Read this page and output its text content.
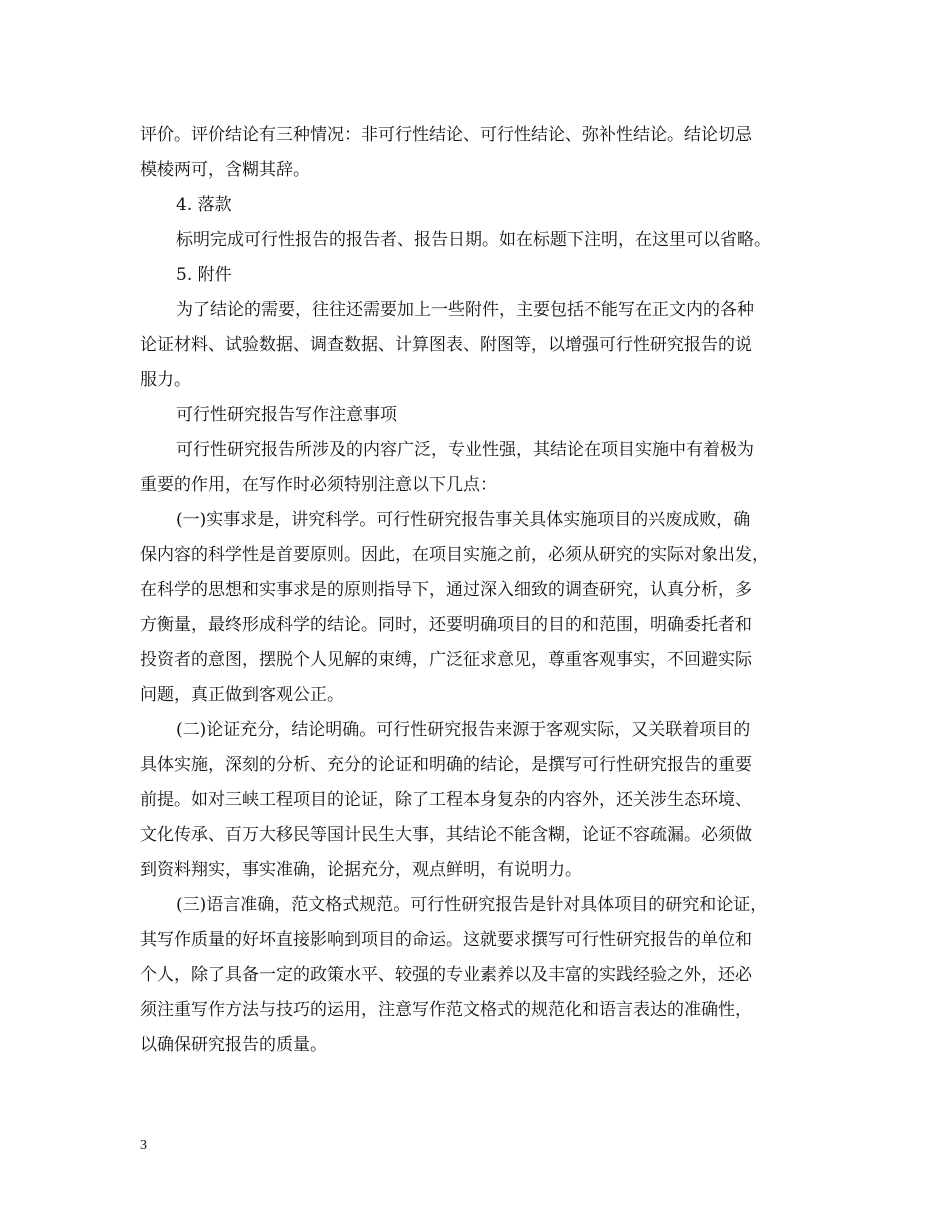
评价。评价结论有三种情况：非可行性结论、可行性结论、弥补性结论。结论切忌
模棱两可，含糊其辞。
4. 落款
标明完成可行性报告的报告者、报告日期。如在标题下注明，在这里可以省略。
5. 附件
为了结论的需要，往往还需要加上一些附件，主要包括不能写在正文内的各种
论证材料、试验数据、调查数据、计算图表、附图等，以增强可行性研究报告的说
服力。
可行性研究报告写作注意事项
可行性研究报告所涉及的内容广泛，专业性强，其结论在项目实施中有着极为
重要的作用，在写作时必须特别注意以下几点：
(一)实事求是，讲究科学。可行性研究报告事关具体实施项目的兴废成败，确
保内容的科学性是首要原则。因此，在项目实施之前，必须从研究的实际对象出发，
在科学的思想和实事求是的原则指导下，通过深入细致的调查研究，认真分析，多
方衡量，最终形成科学的结论。同时，还要明确项目的目的和范围，明确委托者和
投资者的意图，摆脱个人见解的束缚，广泛征求意见，尊重客观事实，不回避实际
问题，真正做到客观公正。
(二)论证充分，结论明确。可行性研究报告来源于客观实际，又关联着项目的
具体实施，深刻的分析、充分的论证和明确的结论，是撰写可行性研究报告的重要
前提。如对三峡工程项目的论证，除了工程本身复杂的内容外，还关涉生态环境、
文化传承、百万大移民等国计民生大事，其结论不能含糊，论证不容疏漏。必须做
到资料翔实，事实准确，论据充分，观点鲜明，有说明力。
(三)语言准确，范文格式规范。可行性研究报告是针对具体项目的研究和论证，
其写作质量的好坏直接影响到项目的命运。这就要求撰写可行性研究报告的单位和
个人，除了具备一定的政策水平、较强的专业素养以及丰富的实践经验之外，还必
须注重写作方法与技巧的运用，注意写作范文格式的规范化和语言表达的准确性，
以确保研究报告的质量。
3
